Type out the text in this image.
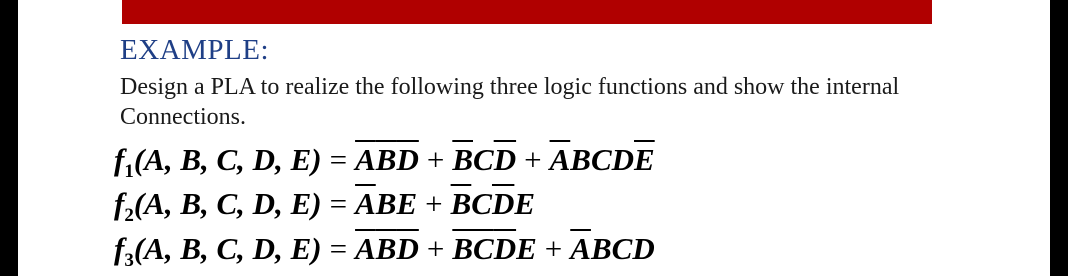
EXAMPLE:
Design a PLA to realize the following three logic functions and show the internal Connections.
$f_1(A$, B, C, D, $E) = \overline{A}\overline{B}\overline{D} + \overline{B}C\overline{D} + \overline{A}BCD\overline{E}$
$f_2(A$, B, C, D, $E) = \overline{A}BE + \overline{B}C\overline{D}E$
$f_3(A$, B, C, D, $E) = \overline{A}\overline{B}\overline{D} + \overline{B}\overline{C}\overline{D}E + \overline{A}BCD$
